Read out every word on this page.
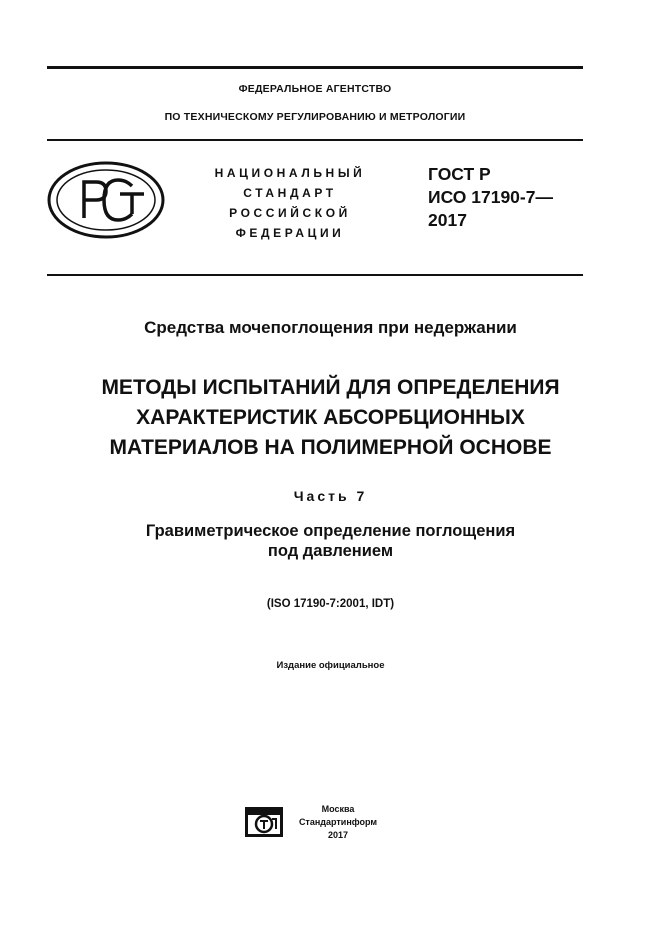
ФЕДЕРАЛЬНОЕ АГЕНТСТВО
ПО ТЕХНИЧЕСКОМУ РЕГУЛИРОВАНИЮ И МЕТРОЛОГИИ
НАЦИОНАЛЬНЫЙ
СТАНДАРТ
РОССИЙСКОЙ
ФЕДЕРАЦИИ
ГОСТ Р
ИСО 17190-7—
2017
Средства мочепоглощения при недержании
МЕТОДЫ ИСПЫТАНИЙ ДЛЯ ОПРЕДЕЛЕНИЯ
ХАРАКТЕРИСТИК АБСОРБЦИОННЫХ
МАТЕРИАЛОВ НА ПОЛИМЕРНОЙ ОСНОВЕ
Часть 7
Гравиметрическое определение поглощения
под давлением
(ISO 17190-7:2001, IDT)
Издание официальное
Москва
Стандартинформ
2017
